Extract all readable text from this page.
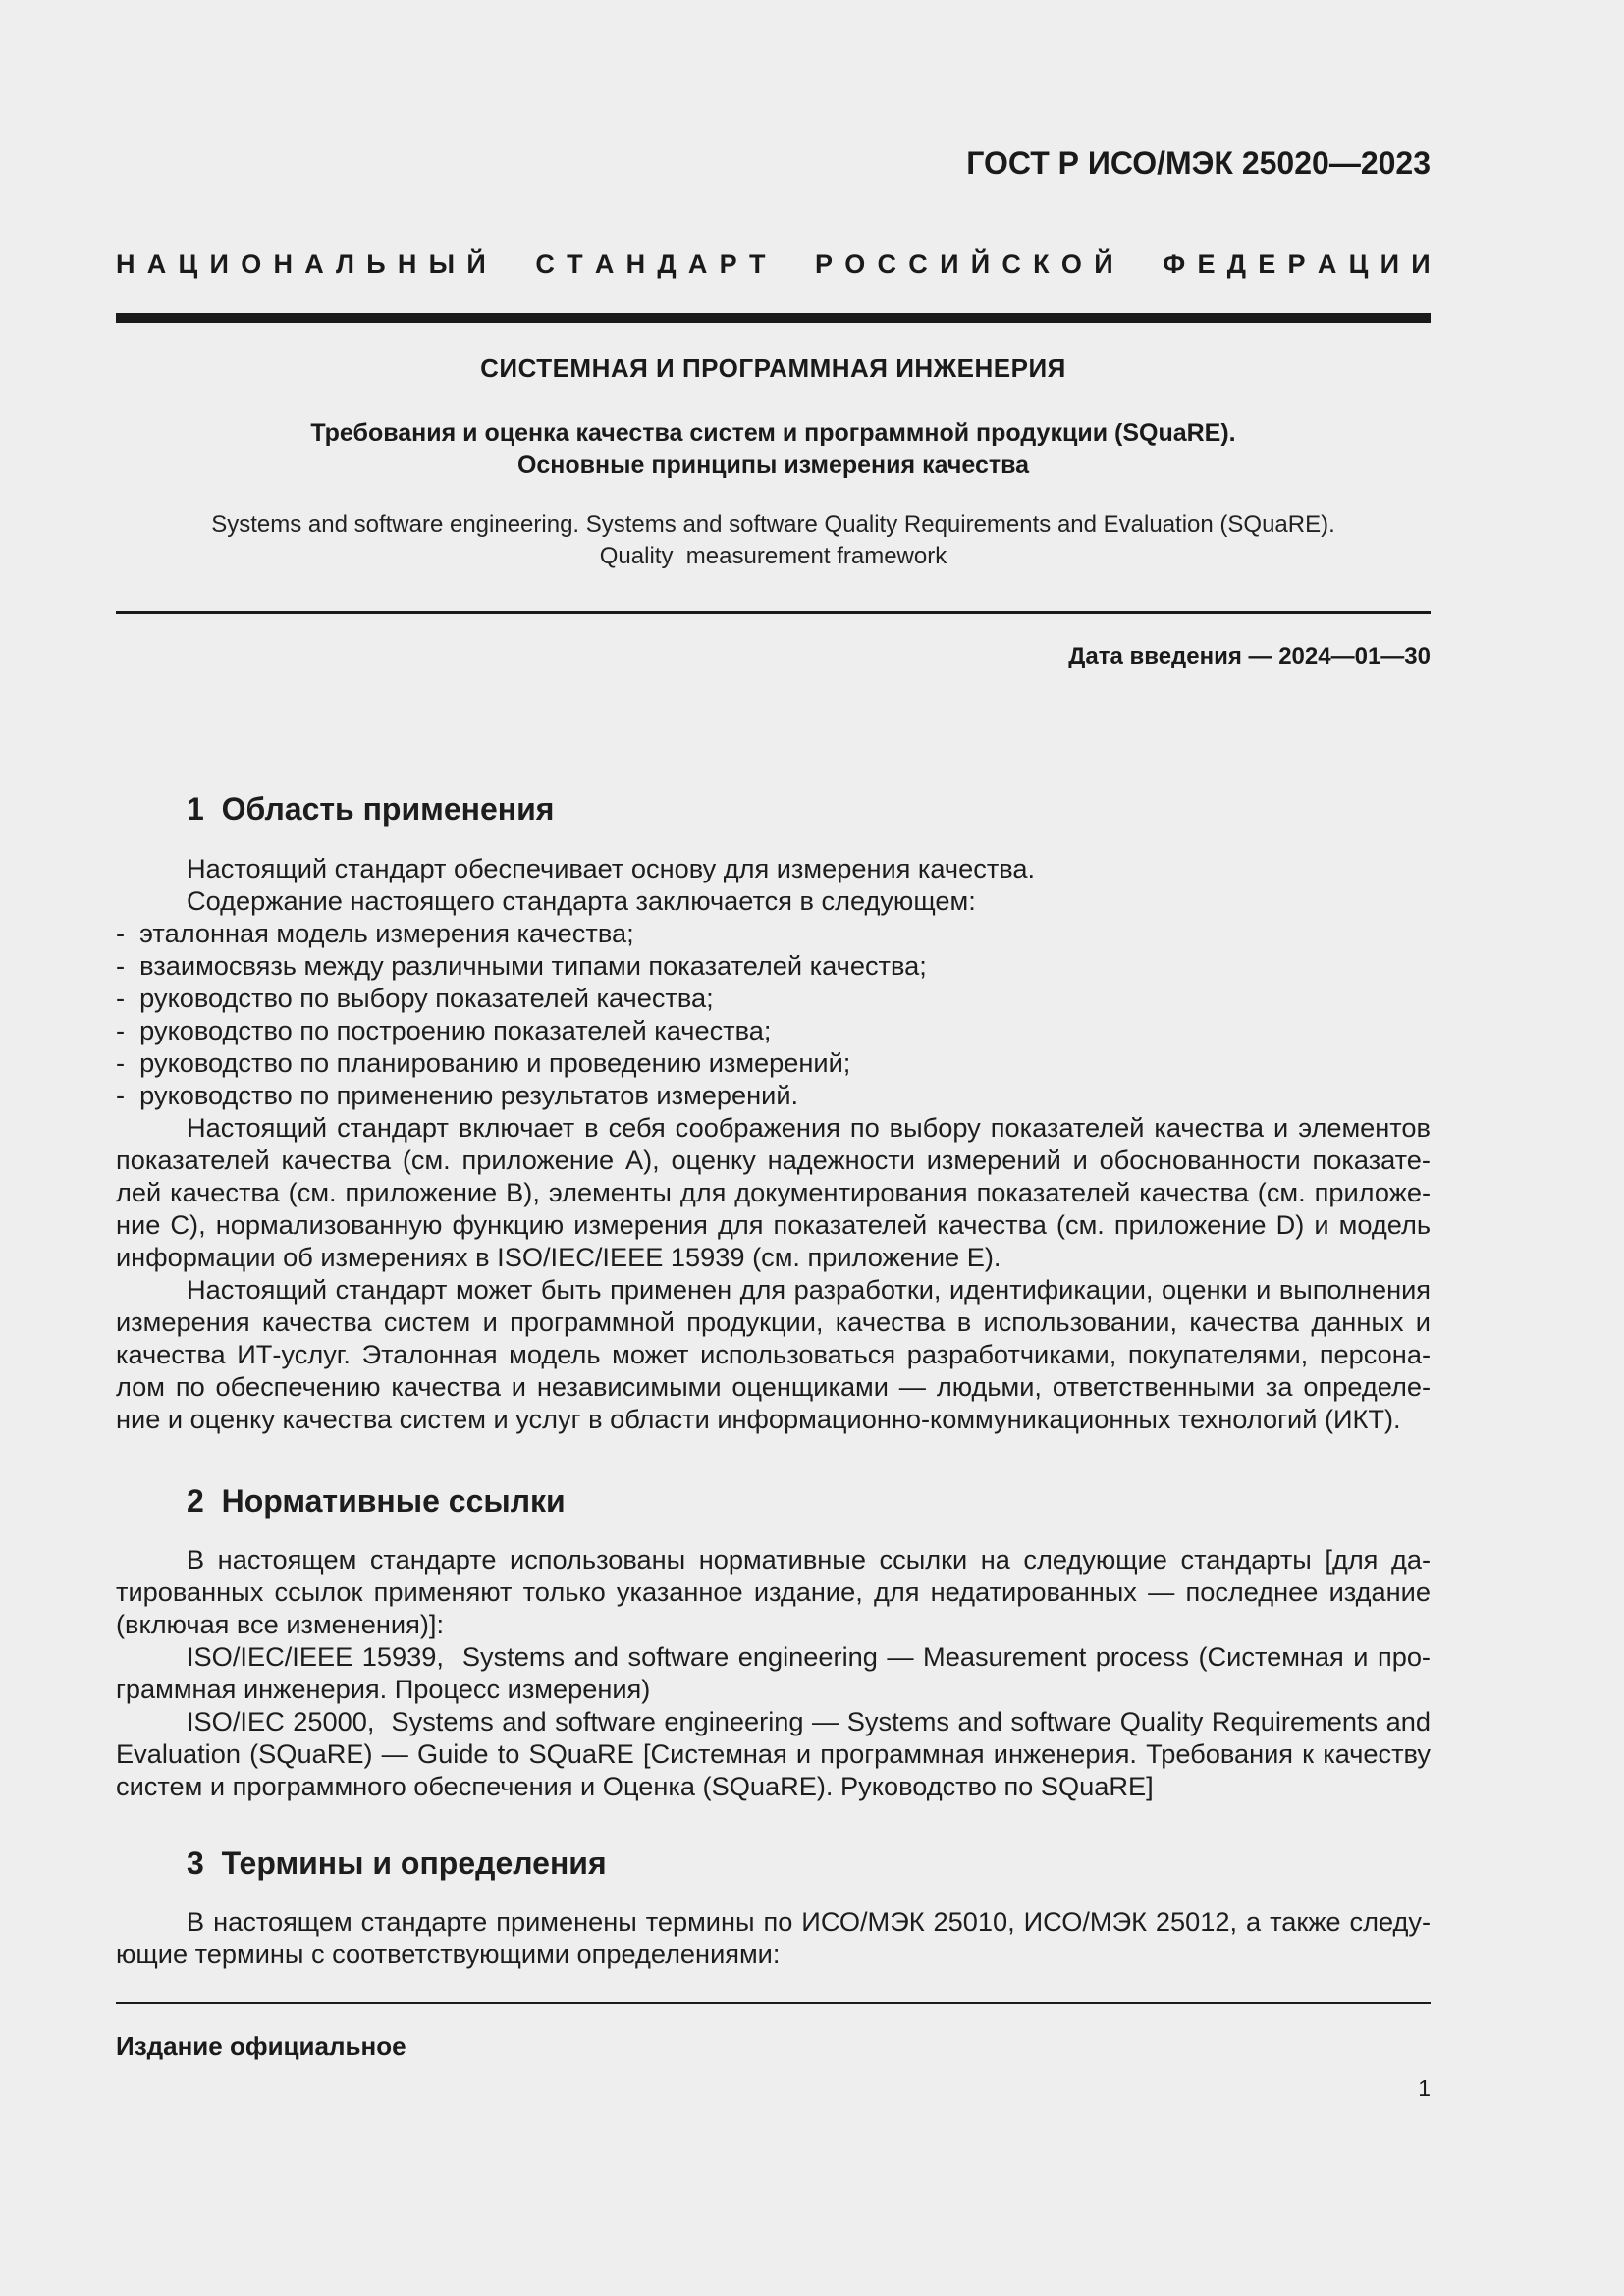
ГОСТ Р ИСО/МЭК 25020—2023
Н А Ц И О Н А Л Ь Н Ы Й С Т А Н Д А Р Т Р О С С И Й С К О Й Ф Е Д Е Р А Ц И И
СИСТЕМНАЯ И ПРОГРАММНАЯ ИНЖЕНЕРИЯ
Требования и оценка качества систем и программной продукции (SQuaRE).
Основные принципы измерения качества
Systems and software engineering. Systems and software Quality Requirements and Evaluation (SQuaRE).
Quality  measurement framework
Дата введения — 2024—01—30
1  Область применения
Настоящий стандарт обеспечивает основу для измерения качества.
Содержание настоящего стандарта заключается в следующем:
-  эталонная модель измерения качества;
-  взаимосвязь между различными типами показателей качества;
-  руководство по выбору показателей качества;
-  руководство по построению показателей качества;
-  руководство по планированию и проведению измерений;
-  руководство по применению результатов измерений.
Настоящий стандарт включает в себя соображения по выбору показателей качества и элементов
показателей качества (см. приложение A), оценку надежности измерений и обоснованности показате-
лей качества (см. приложение B), элементы для документирования показателей качества (см. приложе-
ние C), нормализованную функцию измерения для показателей качества (см. приложение D) и модель
информации об измерениях в ISO/IEC/IEEE 15939 (см. приложение E).
Настоящий стандарт может быть применен для разработки, идентификации, оценки и выполнения
измерения качества систем и программной продукции, качества в использовании, качества данных и
качества ИТ-услуг. Эталонная модель может использоваться разработчиками, покупателями, персона-
лом по обеспечению качества и независимыми оценщиками — людьми, ответственными за определе-
ние и оценку качества систем и услуг в области информационно-коммуникационных технологий (ИКТ).
2  Нормативные ссылки
В настоящем стандарте использованы нормативные ссылки на следующие стандарты [для да-
тированных ссылок применяют только указанное издание, для недатированных — последнее издание
(включая все изменения)]:
ISO/IEC/IEEE 15939,  Systems and software engineering — Measurement process (Системная и про-
граммная инженерия. Процесс измерения)
ISO/IEC 25000,  Systems and software engineering — Systems and software Quality Requirements and
Evaluation (SQuaRE) — Guide to SQuaRE [Системная и программная инженерия. Требования к качеству
систем и программного обеспечения и Оценка (SQuaRE). Руководство по SQuaRE]
3  Термины и определения
В настоящем стандарте применены термины по ИСО/МЭК 25010, ИСО/МЭК 25012, а также следу-
ющие термины с соответствующими определениями:
Издание официальное
1
